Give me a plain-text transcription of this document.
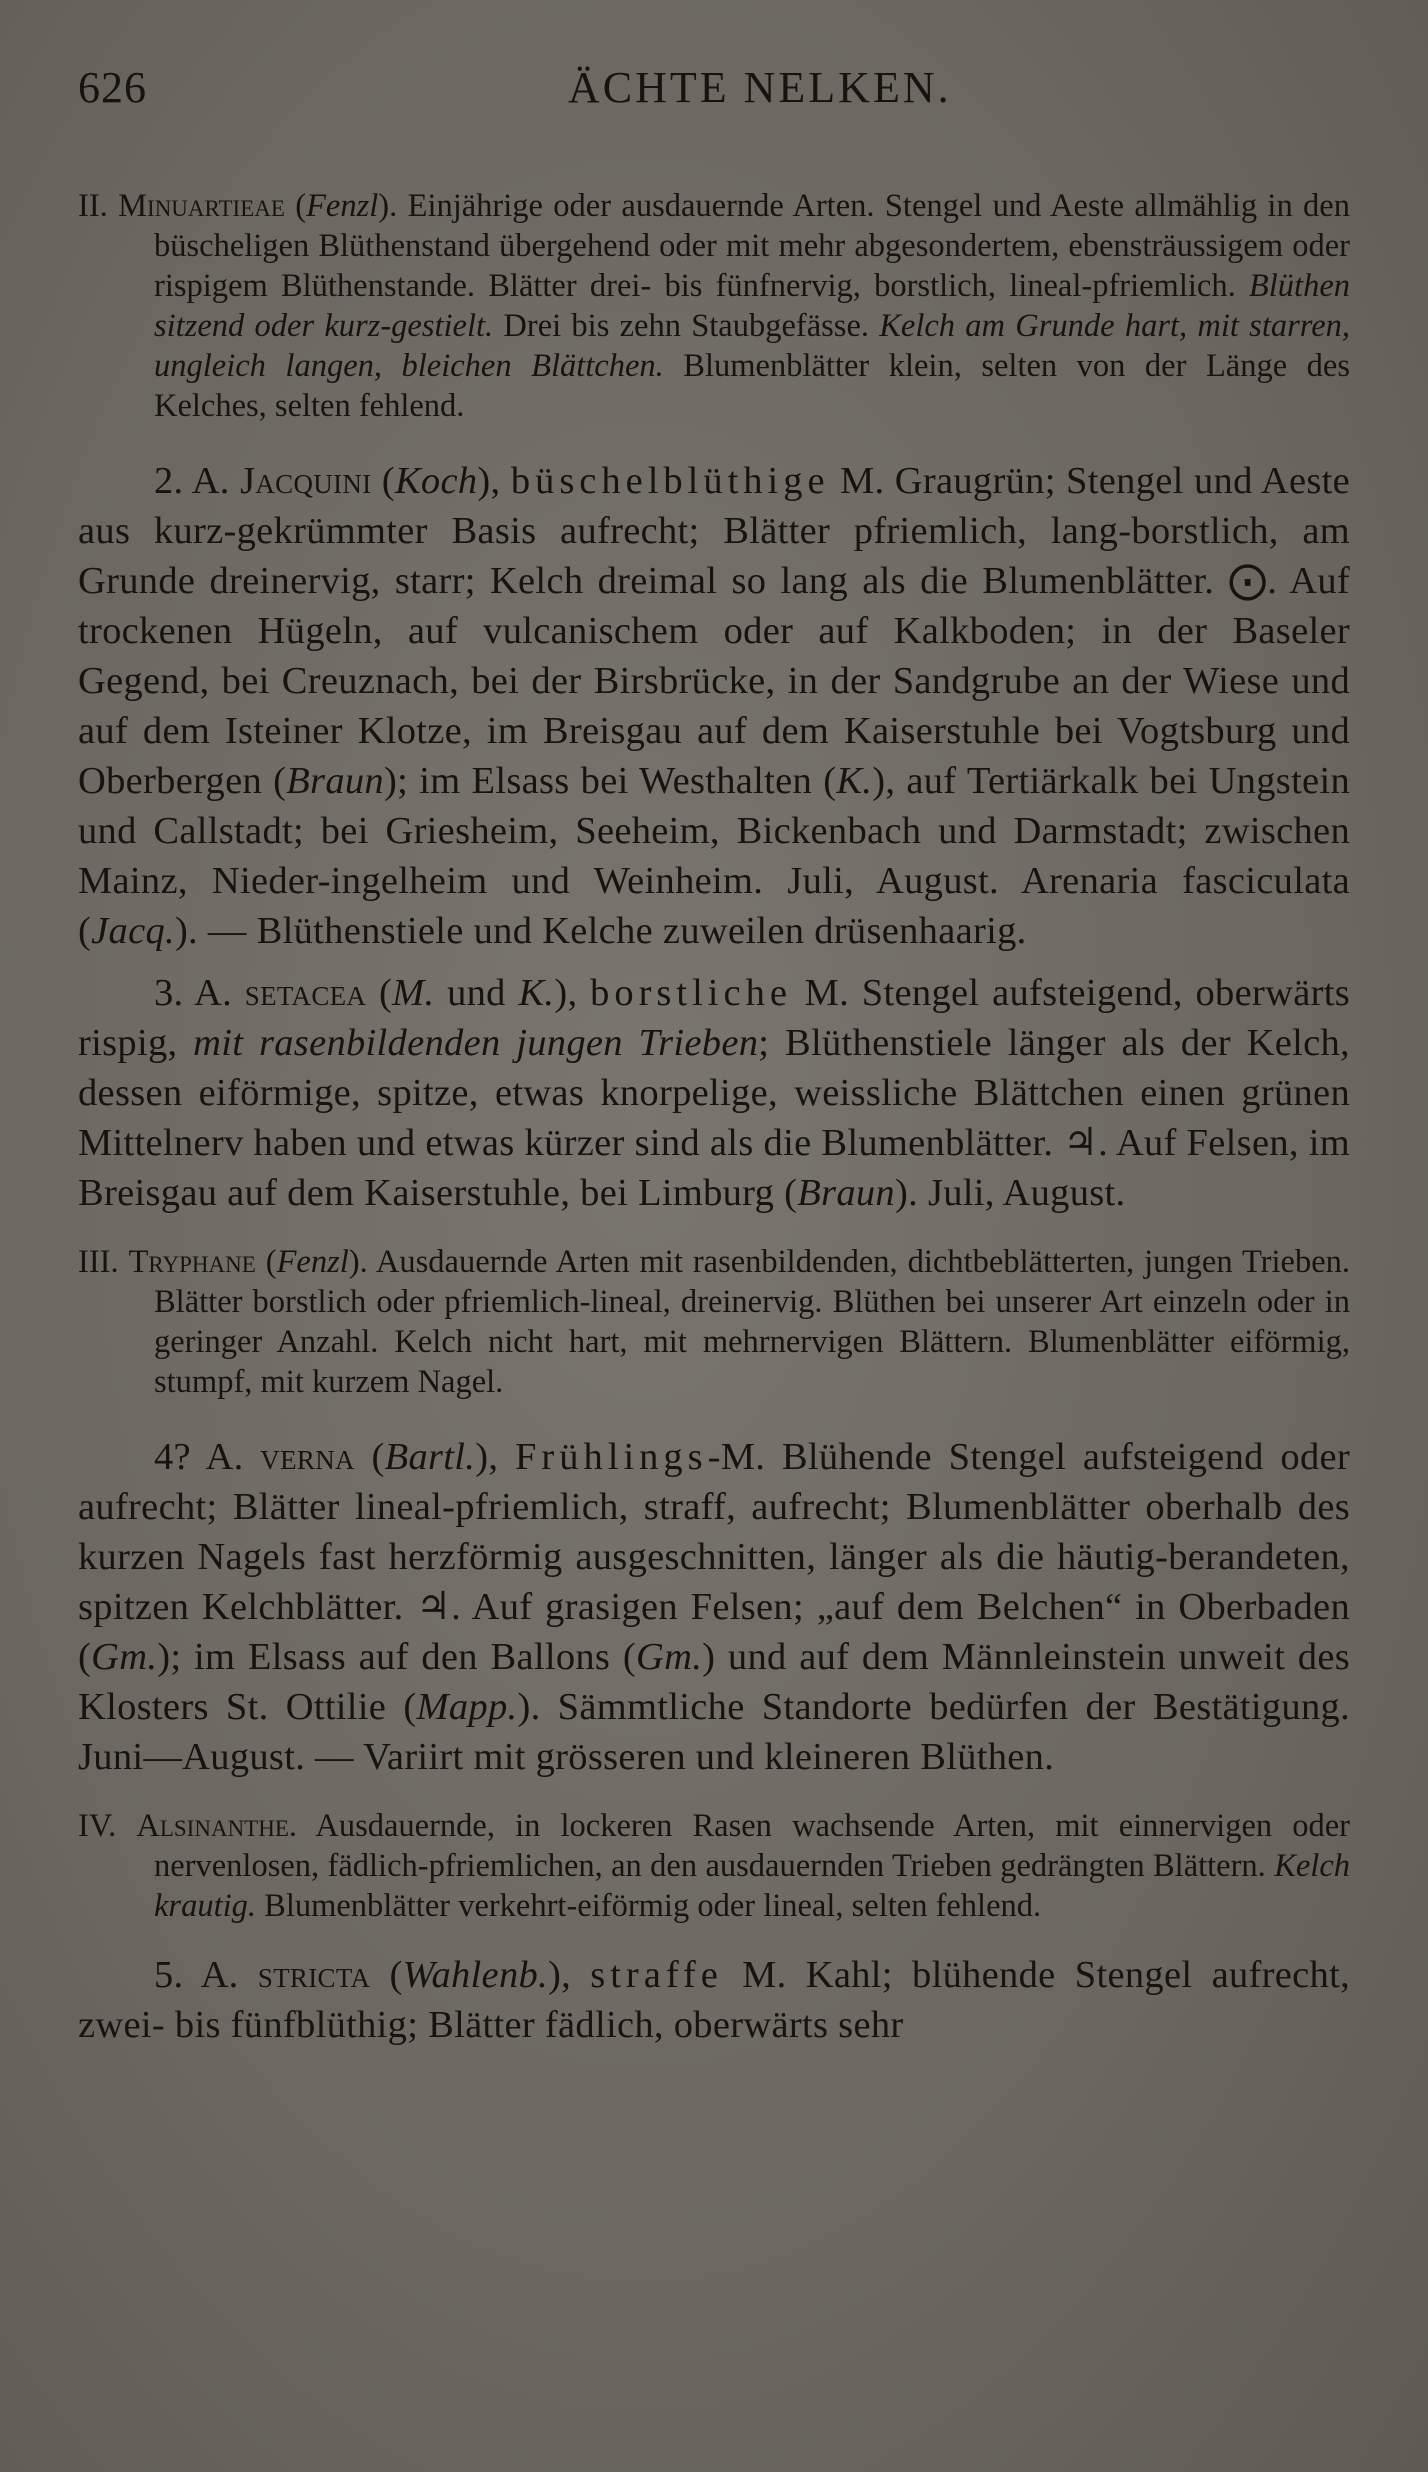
626	ÄCHTE NELKEN.

II. Minuartieae (Fenzl). Einjährige oder ausdauernde Arten. Stengel und Aeste allmählig in den büscheligen Blüthenstand übergehend oder mit mehr abgesondertem, ebensträussigem oder rispigem Blüthenstande. Blätter drei- bis fünfnervig, borstlich, lineal-pfriemlich. Blüthen sitzend oder kurz-gestielt. Drei bis zehn Staubgefässe. Kelch am Grunde hart, mit starren, ungleich langen, bleichen Blättchen. Blumenblätter klein, selten von der Länge des Kelches, selten fehlend.

2. A. Jacquini (Koch), büschelblüthige M. Graugrün; Stengel und Aeste aus kurz-gekrümmter Basis aufrecht; Blätter pfriemlich, lang-borstlich, am Grunde dreinervig, starr; Kelch dreimal so lang als die Blumenblätter. ⨀. Auf trockenen Hügeln, auf vulcanischem oder auf Kalkboden; in der Baseler Gegend, bei Creuznach, bei der Birsbrücke, in der Sandgrube an der Wiese und auf dem Isteiner Klotze, im Breisgau auf dem Kaiserstuhle bei Vogtsburg und Oberbergen (Braun); im Elsass bei Westhalten (K.), auf Tertiärkalk bei Ungstein und Callstadt; bei Griesheim, Seeheim, Bickenbach und Darmstadt; zwischen Mainz, Nieder-ingelheim und Weinheim. Juli, August. Arenaria fasciculata (Jacq.). — Blüthenstiele und Kelche zuweilen drüsenhaarig.

3. A. setacea (M. und K.), borstliche M. Stengel aufsteigend, oberwärts rispig, mit rasenbildenden jungen Trieben; Blüthenstiele länger als der Kelch, dessen eiförmige, spitze, etwas knorpelige, weissliche Blättchen einen grünen Mittelnerv haben und etwas kürzer sind als die Blumenblätter. ♃. Auf Felsen, im Breisgau auf dem Kaiserstuhle, bei Limburg (Braun). Juli, August.

III. Tryphane (Fenzl). Ausdauernde Arten mit rasenbildenden, dichtbeblätterten, jungen Trieben. Blätter borstlich oder pfriemlich-lineal, dreinervig. Blüthen bei unserer Art einzeln oder in geringer Anzahl. Kelch nicht hart, mit mehrnervigen Blättern. Blumenblätter eiförmig, stumpf, mit kurzem Nagel.

4? A. verna (Bartl.), Frühlings-M. Blühende Stengel aufsteigend oder aufrecht; Blätter lineal-pfriemlich, straff, aufrecht; Blumenblätter oberhalb des kurzen Nagels fast herzförmig ausgeschnitten, länger als die häutig-berandeten, spitzen Kelchblätter. ♃. Auf grasigen Felsen; „auf dem Belchen“ in Oberbaden (Gm.); im Elsass auf den Ballons (Gm.) und auf dem Männleinstein unweit des Klosters St. Ottilie (Mapp.). Sämmtliche Standorte bedürfen der Bestätigung. Juni—August. — Variirt mit grösseren und kleineren Blüthen.

IV. Alsinanthe. Ausdauernde, in lockeren Rasen wachsende Arten, mit einnervigen oder nervenlosen, fädlich-pfriemlichen, an den ausdauernden Trieben gedrängten Blättern. Kelch krautig. Blumenblätter verkehrt-eiförmig oder lineal, selten fehlend.

5. A. stricta (Wahlenb.), straffe M. Kahl; blühende Stengel aufrecht, zwei- bis fünfblüthig; Blätter fädlich, oberwärts sehr
